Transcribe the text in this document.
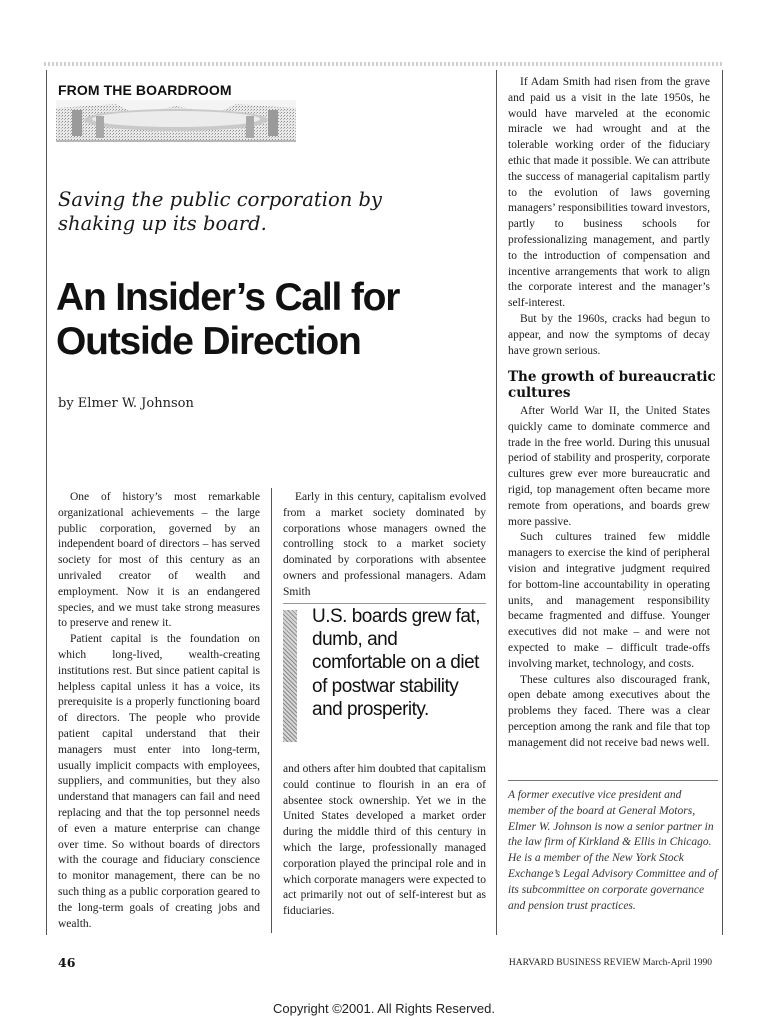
FROM THE BOARDROOM

Saving the public corporation by shaking up its board.

An Insider’s Call for Outside Direction

by Elmer W. Johnson

One of history’s most remarkable organizational achievements – the large public corporation, governed by an independent board of directors – has served society for most of this century as an unrivaled creator of wealth and employment. Now it is an endangered species, and we must take strong measures to preserve and renew it.

Patient capital is the foundation on which long-lived, wealth-creating institutions rest. But since patient capital is helpless capital unless it has a voice, its prerequisite is a properly functioning board of directors. The people who provide patient capital understand that their managers must enter into long-term, usually implicit compacts with employees, suppliers, and communities, but they also understand that managers can fail and need replacing and that the top personnel needs of even a mature enterprise can change over time. So without boards of directors with the courage and fiduciary conscience to monitor management, there can be no such thing as a public corporation geared to the long-term goals of creating jobs and wealth.

Early in this century, capitalism evolved from a market society dominated by corporations whose managers owned the controlling stock to a market society dominated by corporations with absentee owners and professional managers. Adam Smith

U.S. boards grew fat, dumb, and comfortable on a diet of postwar stability and prosperity.

and others after him doubted that capitalism could continue to flourish in an era of absentee stock ownership. Yet we in the United States developed a market order during the middle third of this century in which the large, professionally managed corporation played the principal role and in which corporate managers were expected to act primarily not out of self-interest but as fiduciaries.

If Adam Smith had risen from the grave and paid us a visit in the late 1950s, he would have marveled at the economic miracle we had wrought and at the tolerable working order of the fiduciary ethic that made it possible. We can attribute the success of managerial capitalism partly to the evolution of laws governing managers’ responsibilities toward investors, partly to business schools for professionalizing management, and partly to the introduction of compensation and incentive arrangements that work to align the corporate interest and the manager’s self-interest.

But by the 1960s, cracks had begun to appear, and now the symptoms of decay have grown serious.

The growth of bureaucratic cultures

After World War II, the United States quickly came to dominate commerce and trade in the free world. During this unusual period of stability and prosperity, corporate cultures grew ever more bureaucratic and rigid, top management often became more remote from operations, and boards grew more passive.

Such cultures trained few middle managers to exercise the kind of peripheral vision and integrative judgment required for bottom-line accountability in operating units, and management responsibility became fragmented and diffuse. Younger executives did not make – and were not expected to make – difficult trade-offs involving market, technology, and costs.

These cultures also discouraged frank, open debate among executives about the problems they faced. There was a clear perception among the rank and file that top management did not receive bad news well.

A former executive vice president and member of the board at General Motors, Elmer W. Johnson is now a senior partner in the law firm of Kirkland & Ellis in Chicago. He is a member of the New York Stock Exchange’s Legal Advisory Committee and of its subcommittee on corporate governance and pension trust practices.

46	HARVARD BUSINESS REVIEW March-April 1990

Copyright ©2001. All Rights Reserved.
